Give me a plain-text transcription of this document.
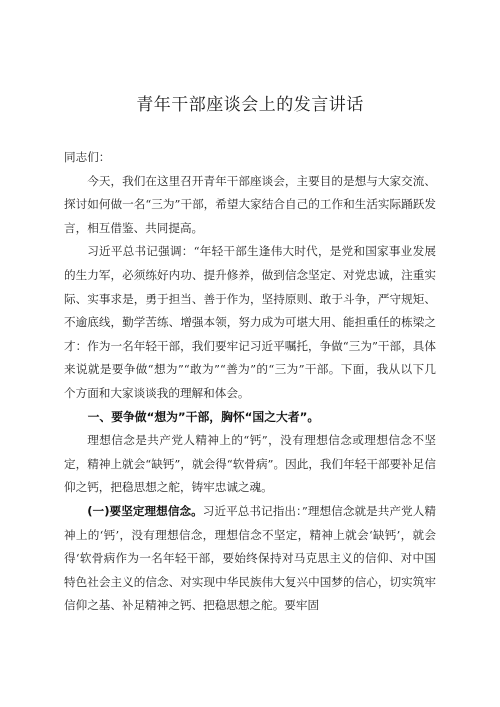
青年干部座谈会上的发言讲话

同志们：

今天，我们在这里召开青年干部座谈会，主要目的是想与大家交流、探讨如何做一名“三为”干部，希望大家结合自己的工作和生活实际踊跃发言，相互借鉴、共同提高。

习近平总书记强调：“年轻干部生逢伟大时代，是党和国家事业发展的生力军，必须练好内功、提升修养，做到信念坚定、对党忠诚，注重实际、实事求是，勇于担当、善于作为，坚持原则、敢于斗争，严守规矩、不逾底线，勤学苦练、增强本领，努力成为可堪大用、能担重任的栋梁之才：作为一名年轻干部，我们要牢记习近平嘱托，争做“三为”干部，具体来说就是要争做“想为”“敢为”“善为”的“三为”干部。下面，我从以下几个方面和大家谈谈我的理解和体会。

一、要争做“想为”干部，胸怀“国之大者”。

理想信念是共产党人精神上的“钙”，没有理想信念或理想信念不坚定，精神上就会“缺钙”，就会得“软骨病”。因此，我们年轻干部要补足信仰之钙，把稳思想之舵，铸牢忠诚之魂。

(一)要坚定理想信念。习近平总书记指出：”理想信念就是共产党人精神上的‘钙’，没有理想信念，理想信念不坚定，精神上就会‘缺钙’，就会得‘软骨病作为一名年轻干部，要始终保持对马克思主义的信仰、对中国特色社会主义的信念、对实现中华民族伟大复兴中国梦的信心，切实筑牢信仰之基、补足精神之钙、把稳思想之舵。要牢固
